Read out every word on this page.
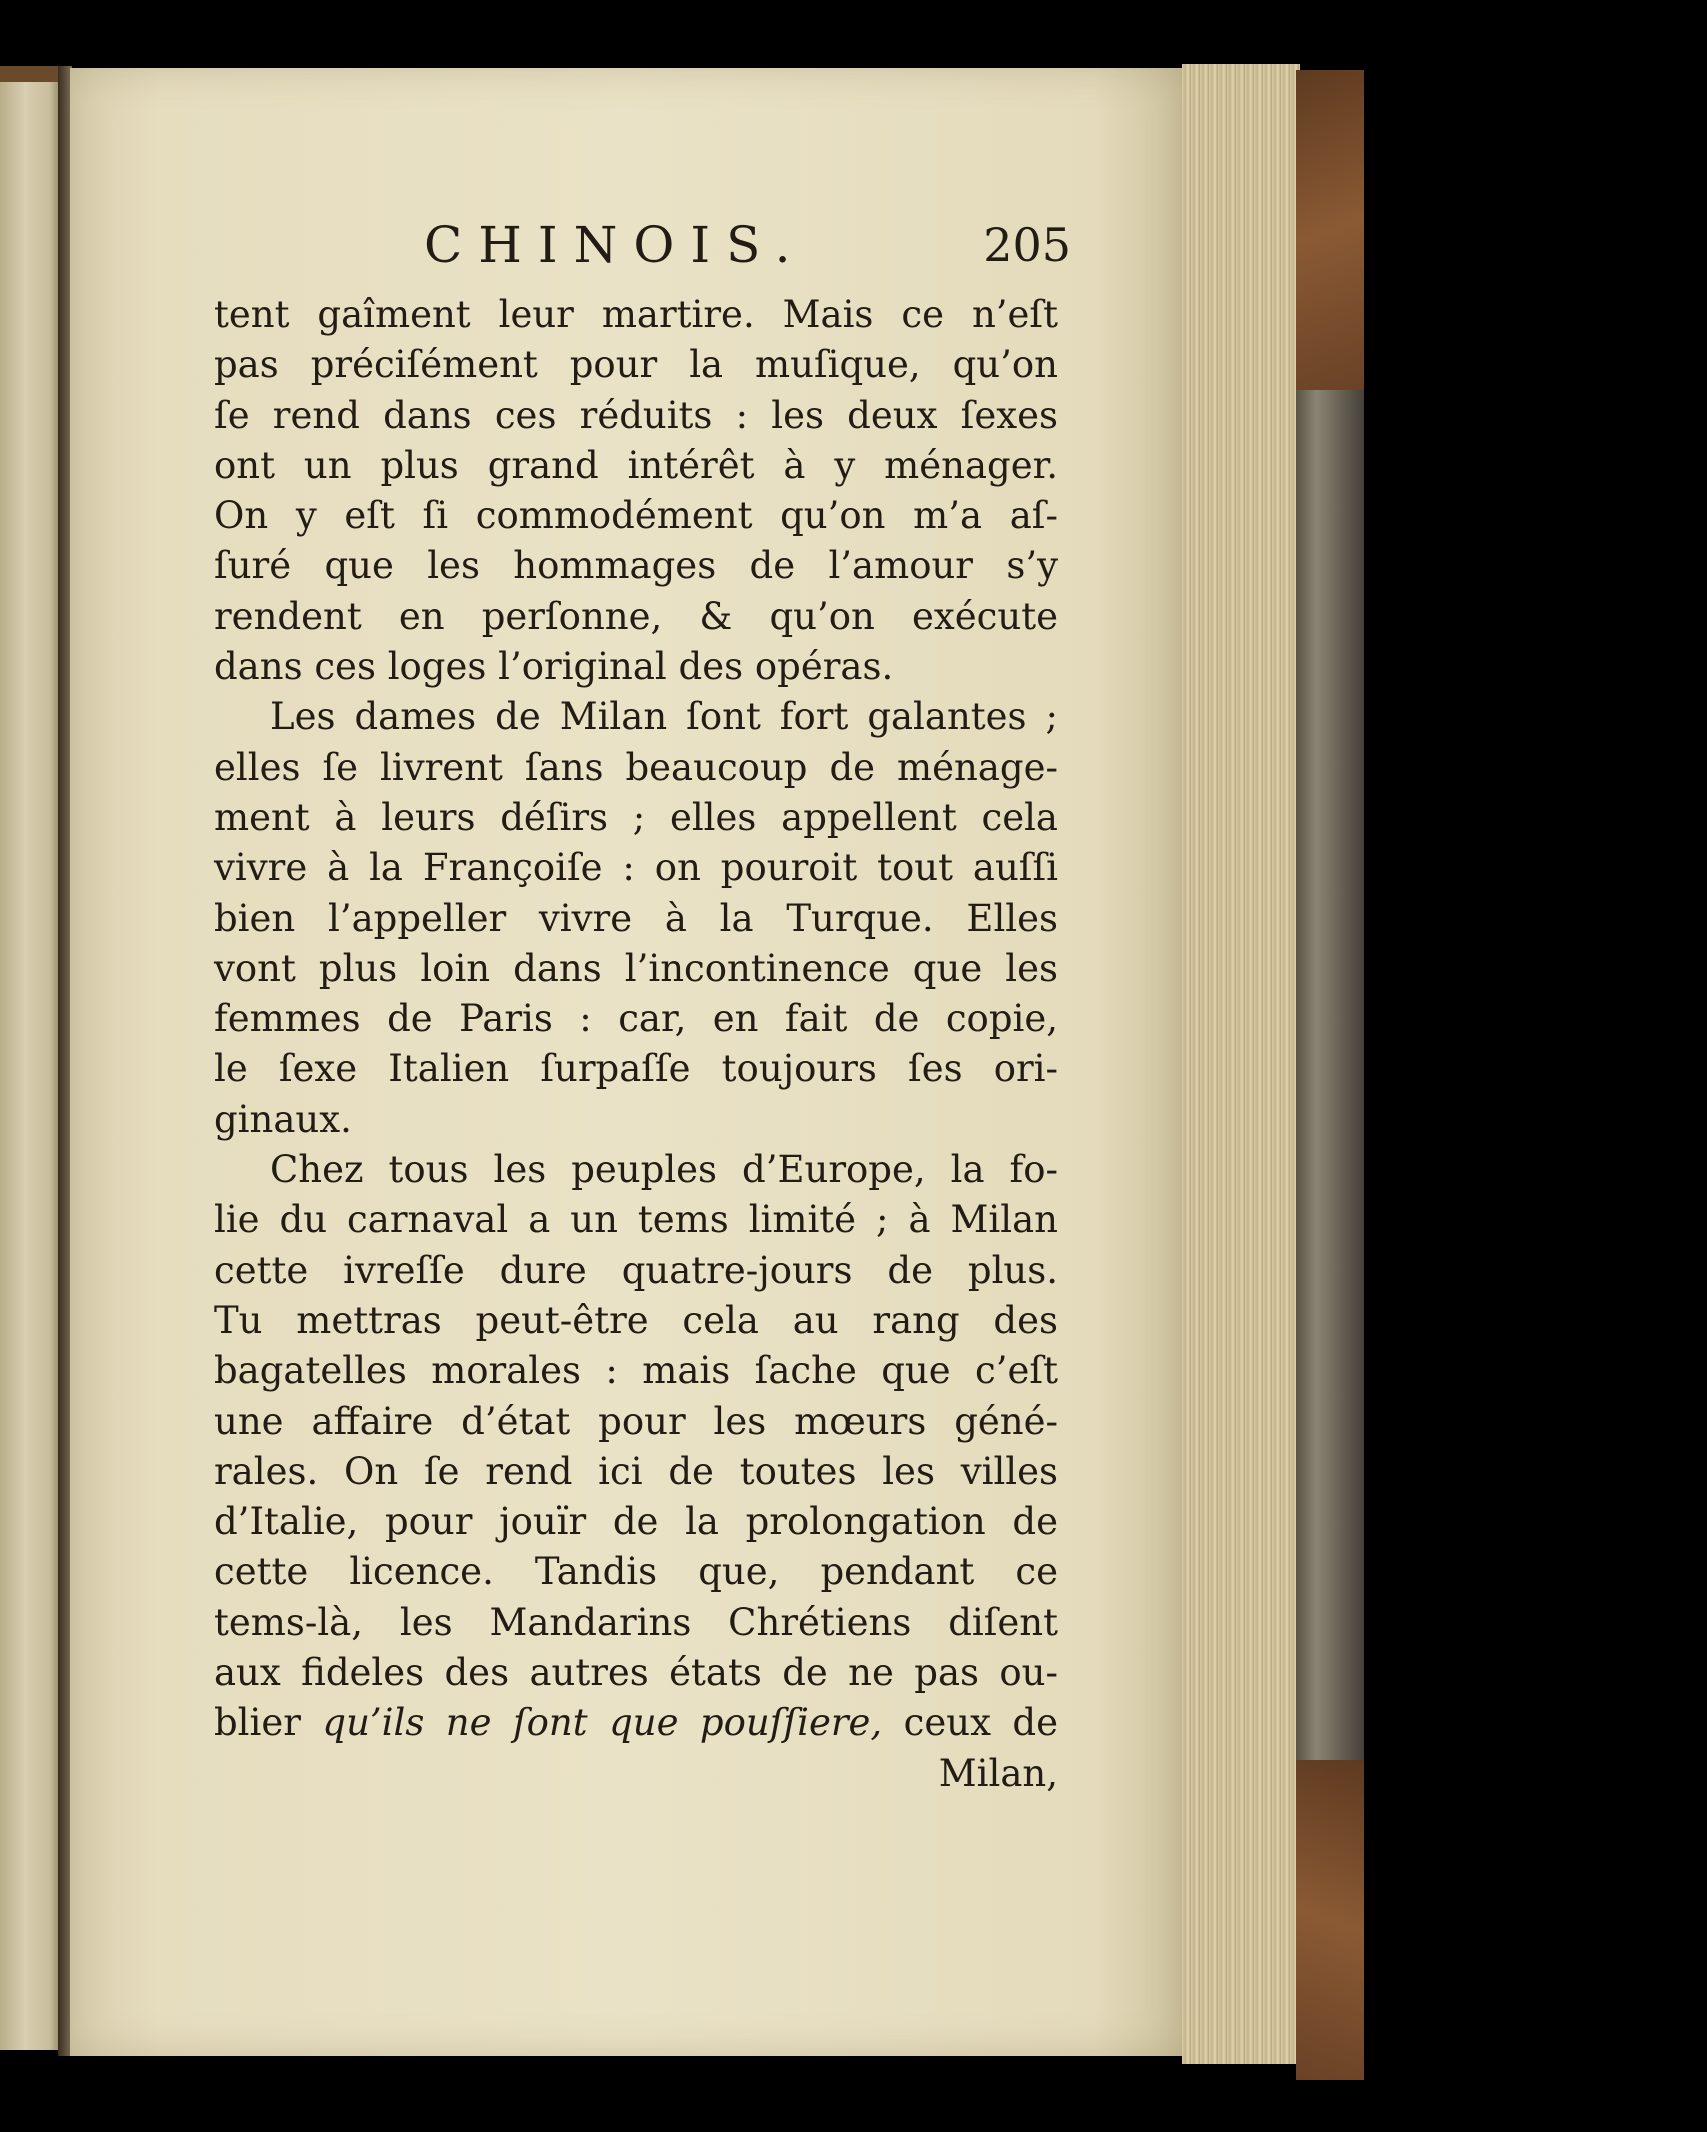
CHINOIS.	205
tent gaîment leur martire. Mais ce n’eſt
pas préciſément pour la muſique, qu’on
ſe rend dans ces réduits : les deux ſexes
ont un plus grand intérêt à y ménager.
On y eſt ſi commodément qu’on m’a aſ-
ſuré que les hommages de l’amour s’y
rendent en perſonne, & qu’on exécute
dans ces loges l’original des opéras.
Les dames de Milan ſont fort galantes ;
elles ſe livrent ſans beaucoup de ménage-
ment à leurs déſirs ; elles appellent cela
vivre à la Françoiſe : on pouroit tout auſſi
bien l’appeller vivre à la Turque. Elles
vont plus loin dans l’incontinence que les
femmes de Paris : car, en fait de copie,
le ſexe Italien ſurpaſſe toujours ſes ori-
ginaux.
Chez tous les peuples d’Europe, la fo-
lie du carnaval a un tems limité ; à Milan
cette ivreſſe dure quatre-jours de plus.
Tu mettras peut-être cela au rang des
bagatelles morales : mais ſache que c’eſt
une affaire d’état pour les mœurs géné-
rales. On ſe rend ici de toutes les villes
d’Italie, pour jouïr de la prolongation de
cette licence. Tandis que, pendant ce
tems-là, les Mandarins Chrétiens diſent
aux fideles des autres états de ne pas ou-
blier qu’ils ne ſont que pouſſiere, ceux de
Milan,
